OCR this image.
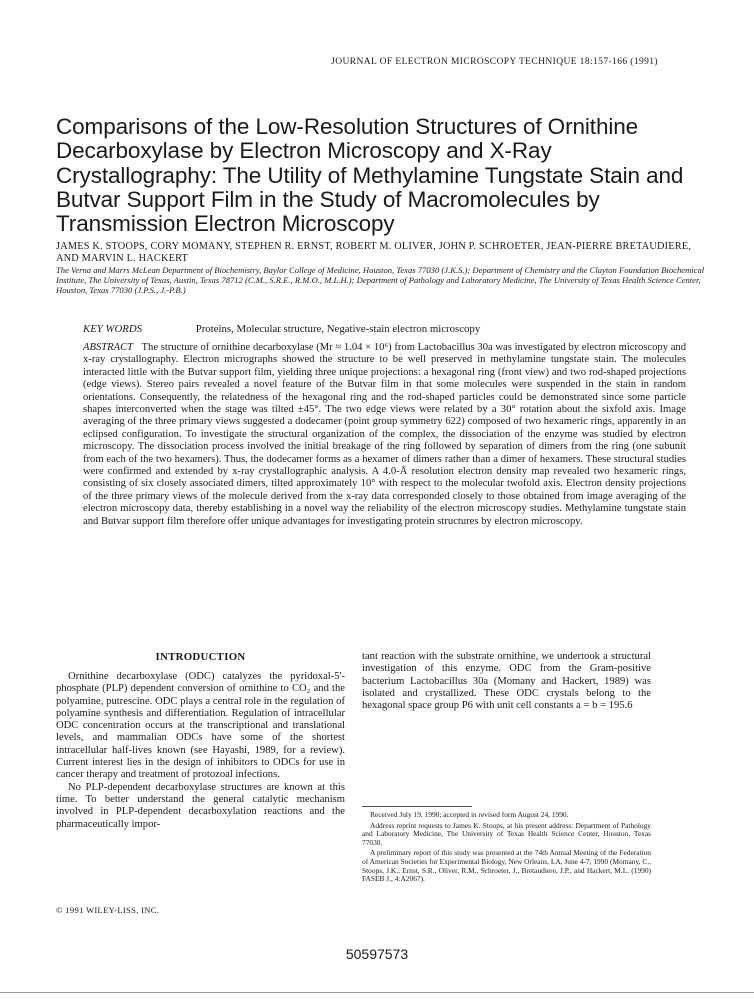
JOURNAL OF ELECTRON MICROSCOPY TECHNIQUE 18:157-166 (1991)
Comparisons of the Low-Resolution Structures of Ornithine Decarboxylase by Electron Microscopy and X-Ray Crystallography: The Utility of Methylamine Tungstate Stain and Butvar Support Film in the Study of Macromolecules by Transmission Electron Microscopy
JAMES K. STOOPS, CORY MOMANY, STEPHEN R. ERNST, ROBERT M. OLIVER, JOHN P. SCHROETER, JEAN-PIERRE BRETAUDIERE, AND MARVIN L. HACKERT
The Verna and Marrs McLean Department of Biochemistry, Baylor College of Medicine, Houston, Texas 77030 (J.K.S.); Department of Chemistry and the Clayton Foundation Biochemical Institute, The University of Texas, Austin, Texas 78712 (C.M., S.R.E., R.M.O., M.L.H.); Department of Pathology and Laboratory Medicine, The University of Texas Health Science Center, Houston, Texas 77030 (J.P.S., J.-P.B.)
KEY WORDS	Proteins, Molecular structure, Negative-stain electron microscopy

ABSTRACT The structure of ornithine decarboxylase (Mr ≈ 1.04 × 10⁶) from Lactobacillus 30a was investigated by electron microscopy and x-ray crystallography. Electron micrographs showed the structure to be well preserved in methylamine tungstate stain. The molecules interacted little with the Butvar support film, yielding three unique projections: a hexagonal ring (front view) and two rod-shaped projections (edge views). Stereo pairs revealed a novel feature of the Butvar film in that some molecules were suspended in the stain in random orientations. Consequently, the relatedness of the hexagonal ring and the rod-shaped particles could be demonstrated since some particle shapes interconverted when the stage was tilted ±45°. The two edge views were related by a 30° rotation about the sixfold axis. Image averaging of the three primary views suggested a dodecamer (point group symmetry 622) composed of two hexameric rings, apparently in an eclipsed configuration. To investigate the structural organization of the complex, the dissociation of the enzyme was studied by electron microscopy. The dissociation process involved the initial breakage of the ring followed by separation of dimers from the ring (one subunit from each of the two hexamers). Thus, the dodecamer forms as a hexamer of dimers rather than a dimer of hexamers. These structural studies were confirmed and extended by x-ray crystallographic analysis. A 4.0-Å resolution electron density map revealed two hexameric rings, consisting of six closely associated dimers, tilted approximately 10° with respect to the molecular twofold axis. Electron density projections of the three primary views of the molecule derived from the x-ray data corresponded closely to those obtained from image averaging of the electron microscopy data, thereby establishing in a novel way the reliability of the electron microscopy studies. Methylamine tungstate stain and Butvar support film therefore offer unique advantages for investigating protein structures by electron microscopy.

INTRODUCTION

Ornithine decarboxylase (ODC) catalyzes the pyridoxal-5'-phosphate (PLP) dependent conversion of ornithine to CO₂ and the polyamine, putrescine. ODC plays a central role in the regulation of polyamine synthesis and differentiation. Regulation of intracellular ODC concentration occurs at the transcriptional and translational levels, and mammalian ODCs have some of the shortest intracellular half-lives known (see Hayashi, 1989, for a review). Current interest lies in the design of inhibitors to ODCs for use in cancer therapy and treatment of protozoal infections.

No PLP-dependent decarboxylase structures are known at this time. To better understand the general catalytic mechanism involved in PLP-dependent decarboxylation reactions and the pharmaceutically impor-

tant reaction with the substrate ornithine, we undertook a structural investigation of this enzyme. ODC from the Gram-positive bacterium Lactobacillus 30a (Momany and Hackert, 1989) was isolated and crystallized. These ODC crystals belong to the hexagonal space group P6 with unit cell constants a = b = 195.6

Received July 19, 1990; accepted in revised form August 24, 1990.

Address reprint requests to James K. Stoops, at his present address: Department of Pathology and Laboratory Medicine, The University of Texas Health Science Center, Houston, Texas 77030.

A preliminary report of this study was presented at the 74th Annual Meeting of the Federation of American Societies for Experimental Biology, New Orleans, LA, June 4-7, 1990 (Momany, C., Stoops, J.K., Ernst, S.R., Oliver, R.M., Schroeter, J., Bretaudiere, J.P., and Hackert, M.L. (1990) FASEB J., 4:A2067).

© 1991 WILEY-LISS, INC.
50597573
